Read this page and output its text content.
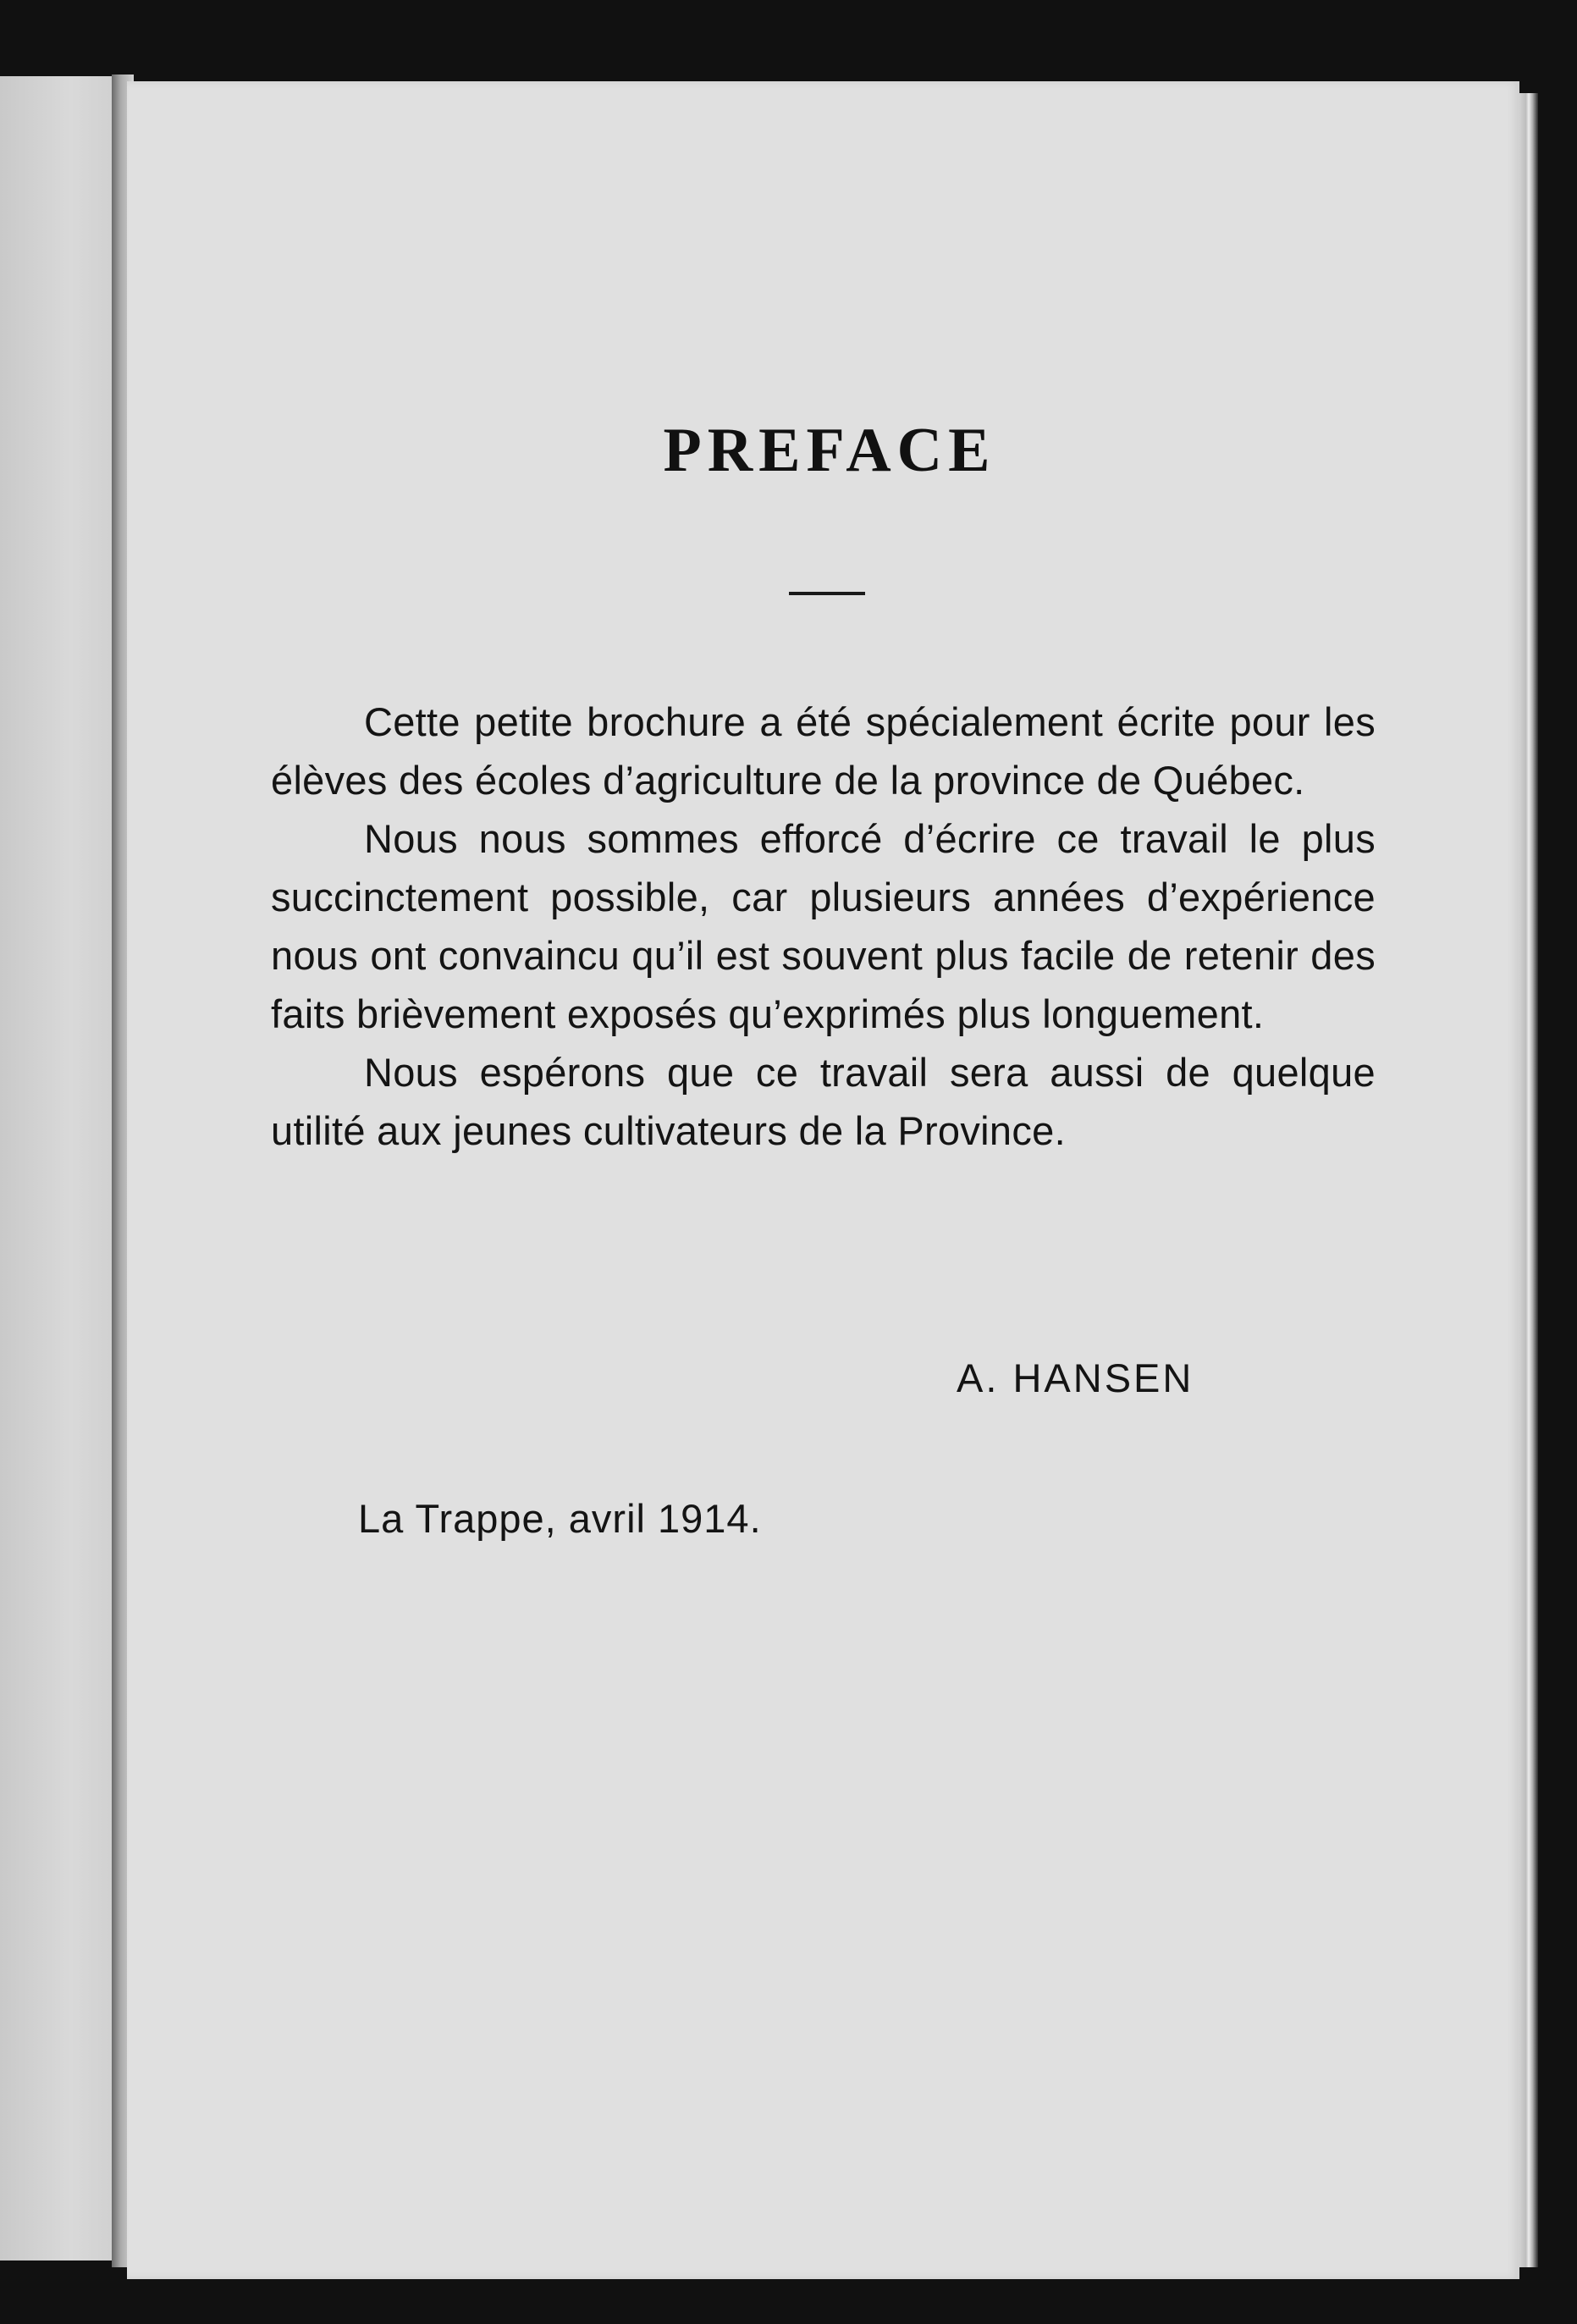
PREFACE

Cette petite brochure a été spécialement écrite pour les élèves des écoles d’agriculture de la province de Québec.

Nous nous sommes efforcé d’écrire ce travail le plus succinctement possible, car plusieurs années d’expérience nous ont convaincu qu’il est souvent plus facile de retenir des faits brièvement exposés qu’exprimés plus longuement.

Nous espérons que ce travail sera aussi de quelque utilité aux jeunes cultivateurs de la Province.

A. HANSEN
La Trappe, avril 1914.
